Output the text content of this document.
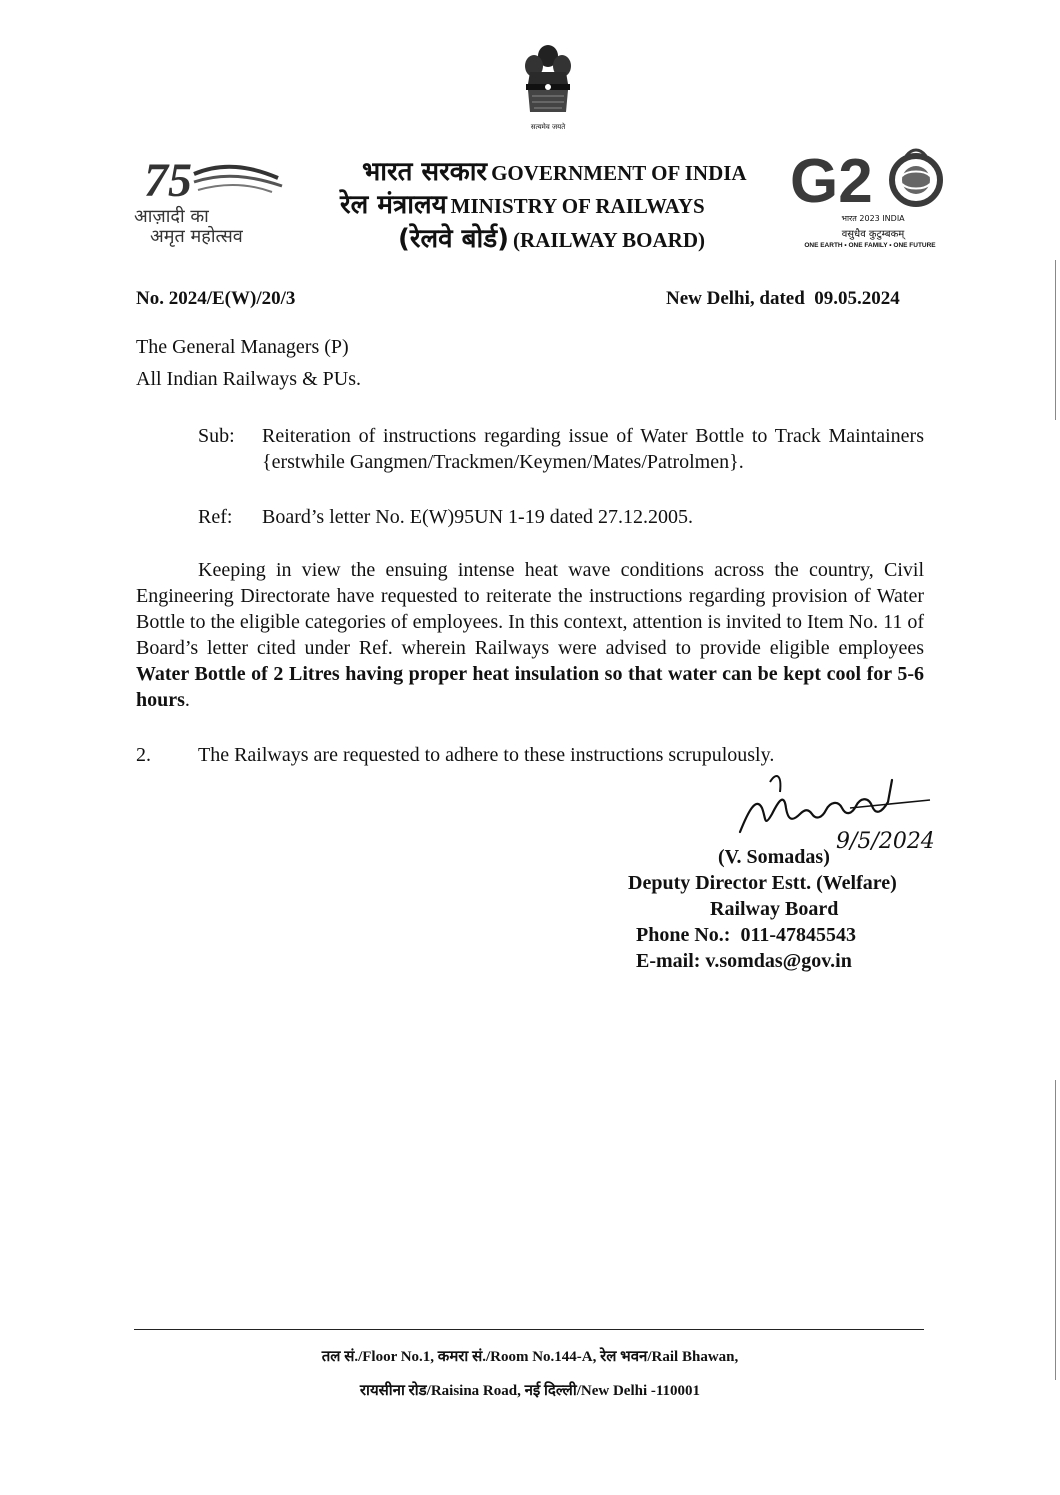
सत्यमेव जयते
75
आज़ादी का
अमृत महोत्सव
भारत सरकार GOVERNMENT OF INDIA
रेल मंत्रालय MINISTRY OF RAILWAYS
(रेलवे बोर्ड) (RAILWAY BOARD)
G2
भारत 2023 INDIA
वसुधैव कुटुम्बकम्
ONE EARTH • ONE FAMILY • ONE FUTURE
No. 2024/E(W)/20/3	New Delhi, dated  09.05.2024
The General Managers (P)
All Indian Railways & PUs.
Sub: Reiteration of instructions regarding issue of Water Bottle to Track Maintainers {erstwhile Gangmen/Trackmen/Keymen/Mates/Patrolmen}.
Ref: Board’s letter No. E(W)95UN 1-19 dated 27.12.2005.
Keeping in view the ensuing intense heat wave conditions across the country, Civil Engineering Directorate have requested to reiterate the instructions regarding provision of Water Bottle to the eligible categories of employees. In this context, attention is invited to Item No. 11 of Board’s letter cited under Ref. wherein Railways were advised to provide eligible employees Water Bottle of 2 Litres having proper heat insulation so that water can be kept cool for 5-6 hours.
2. The Railways are requested to adhere to these instructions scrupulously.
9/5/2024
(V. Somadas)
Deputy Director Estt. (Welfare)
Railway Board
Phone No.:  011-47845543
E-mail: v.somdas@gov.in
तल सं./Floor No.1, कमरा सं./Room No.144-A, रेल भवन/Rail Bhawan,
रायसीना रोड/Raisina Road, नई दिल्ली/New Delhi -110001
